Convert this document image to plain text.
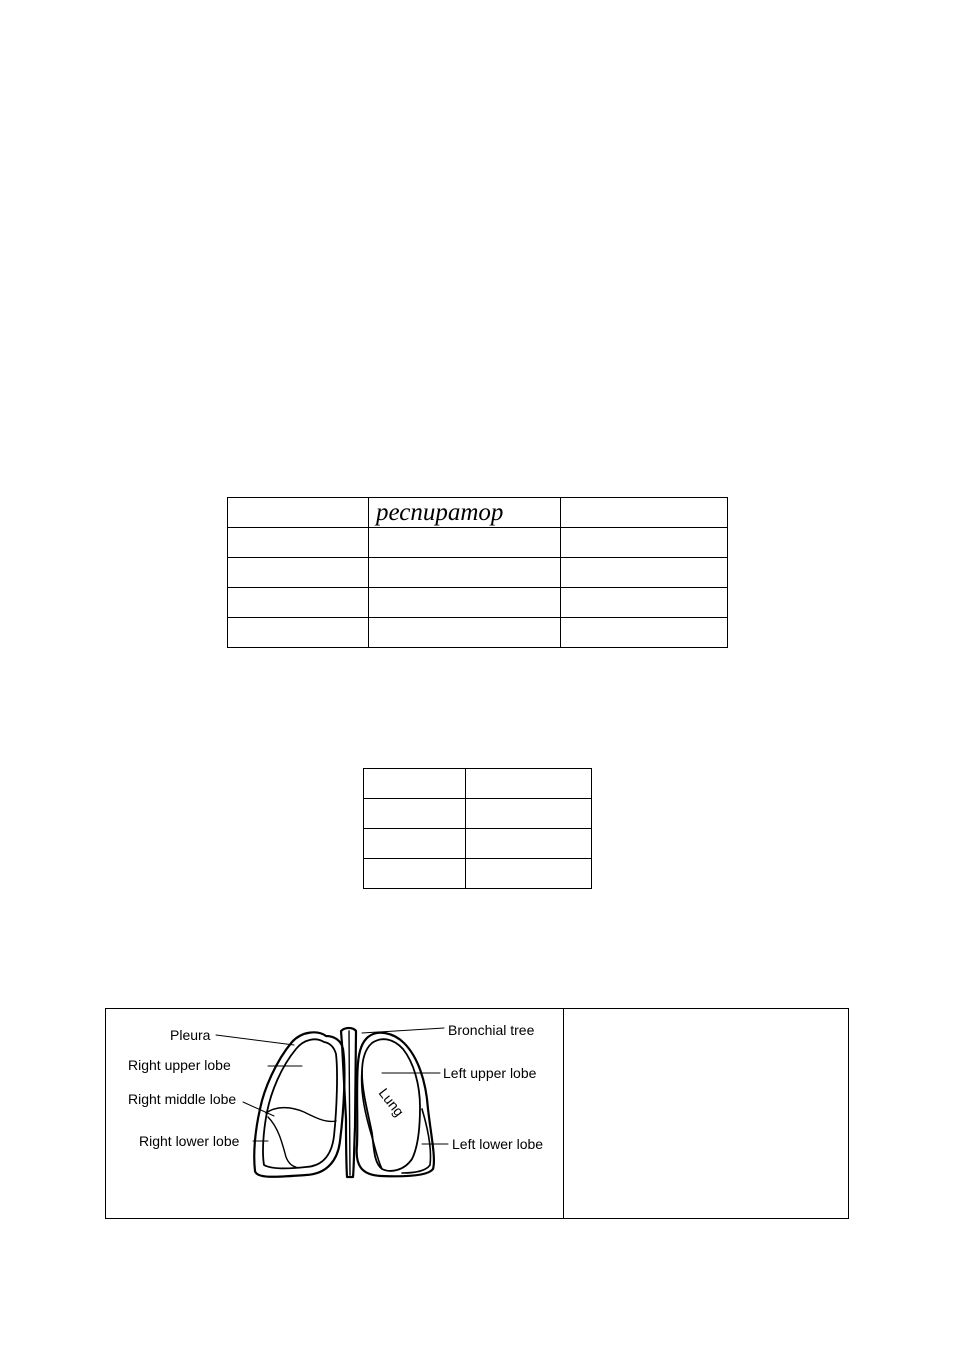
	респиратор	

Pleura
Right upper lobe
Right middle lobe
Right lower lobe
Bronchial tree
Left upper lobe
Left lower lobe
Lung
